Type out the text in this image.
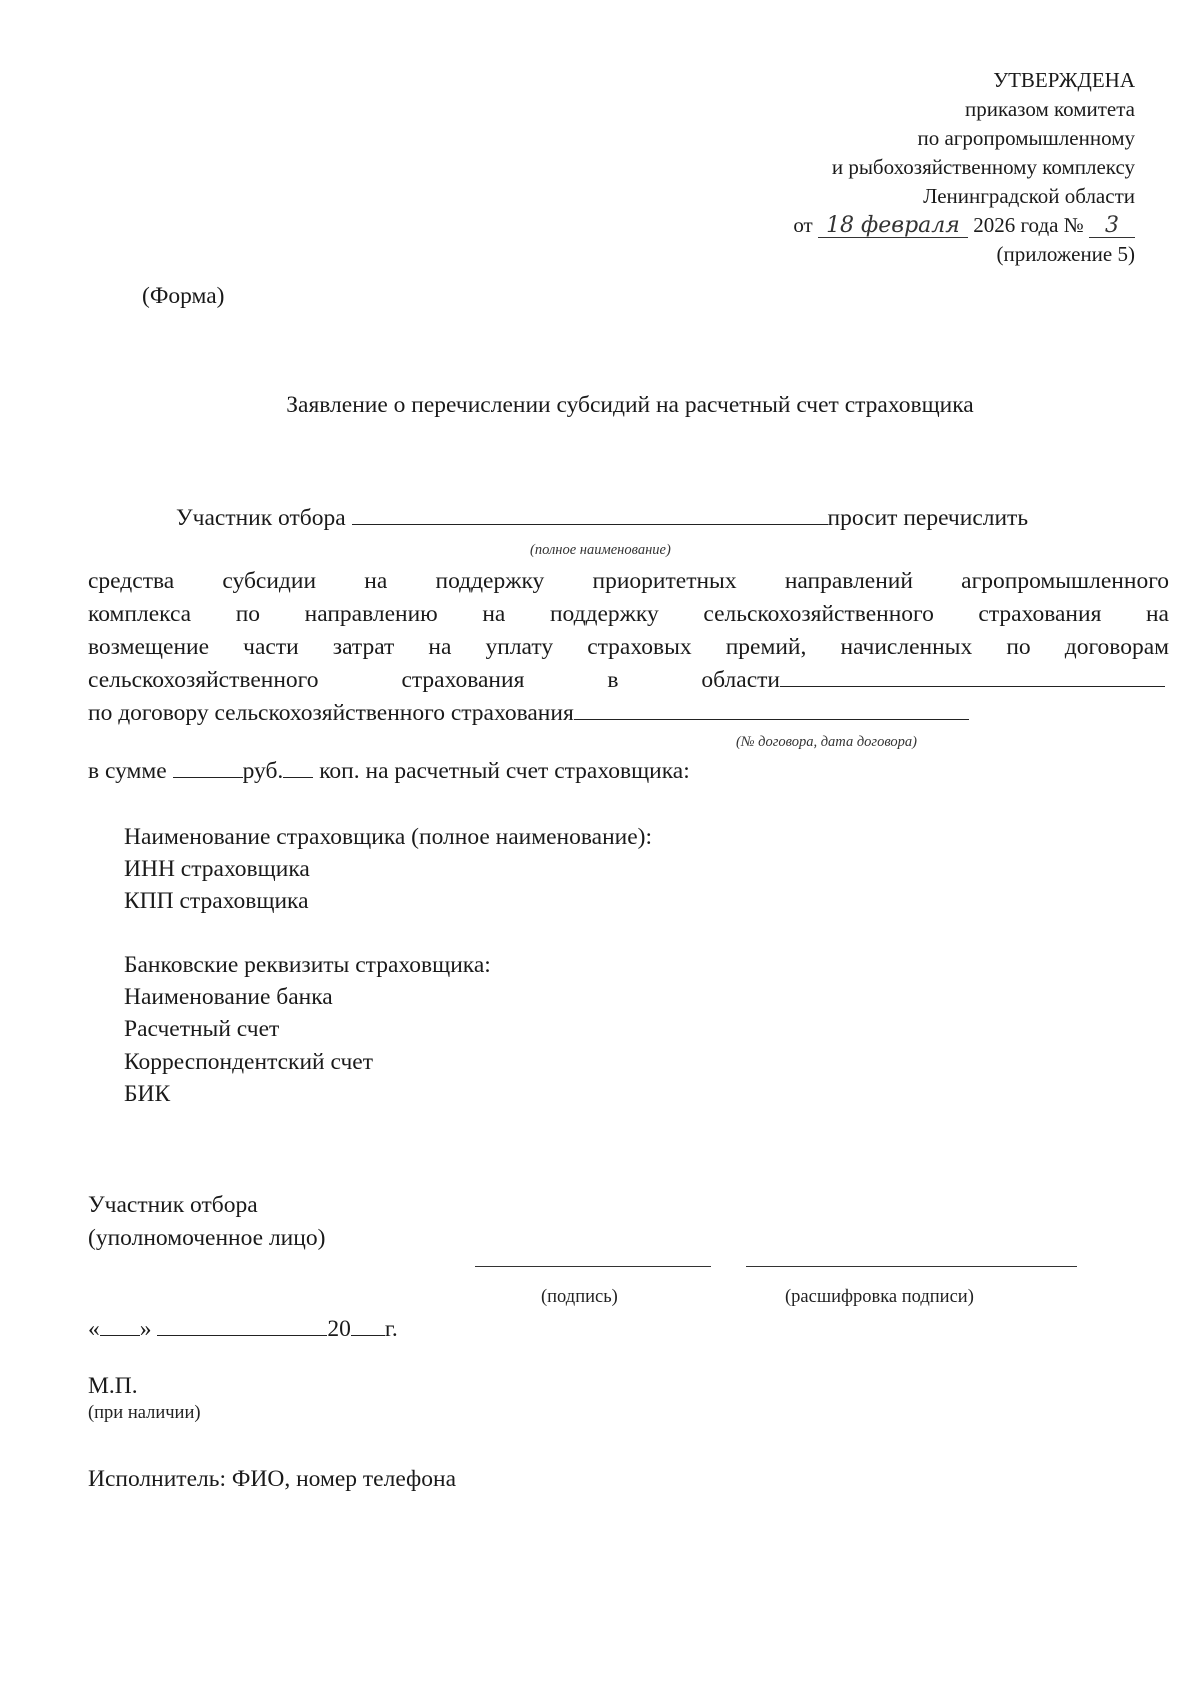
УТВЕРЖДЕНА
приказом комитета
по агропромышленному
и рыбохозяйственному комплексу
Ленинградской области
от 18 февраля 2026 года № 3
(приложение 5)
(Форма)
Заявление о перечислении субсидий на расчетный счет страховщика
Участник отбора	просит перечислить
(полное наименование)
средства субсидии на поддержку приоритетных направлений агропромышленного
комплекса по направлению на поддержку сельскохозяйственного страхования на
возмещение части затрат на уплату страховых премий, начисленных по договорам
сельскохозяйственного страхования в области
по договору сельскохозяйственного страхования
(№ договора, дата договора)
в сумме	руб. коп. на расчетный счет страховщика:
Наименование страховщика (полное наименование):
ИНН страховщика
КПП страховщика
Банковские реквизиты страховщика:
Наименование банка
Расчетный счет
Корреспондентский счет
БИК
Участник отбора
(уполномоченное лицо)
(подпись)	(расшифровка подписи)
« »	20 г.
М.П.
(при наличии)
Исполнитель: ФИО, номер телефона
